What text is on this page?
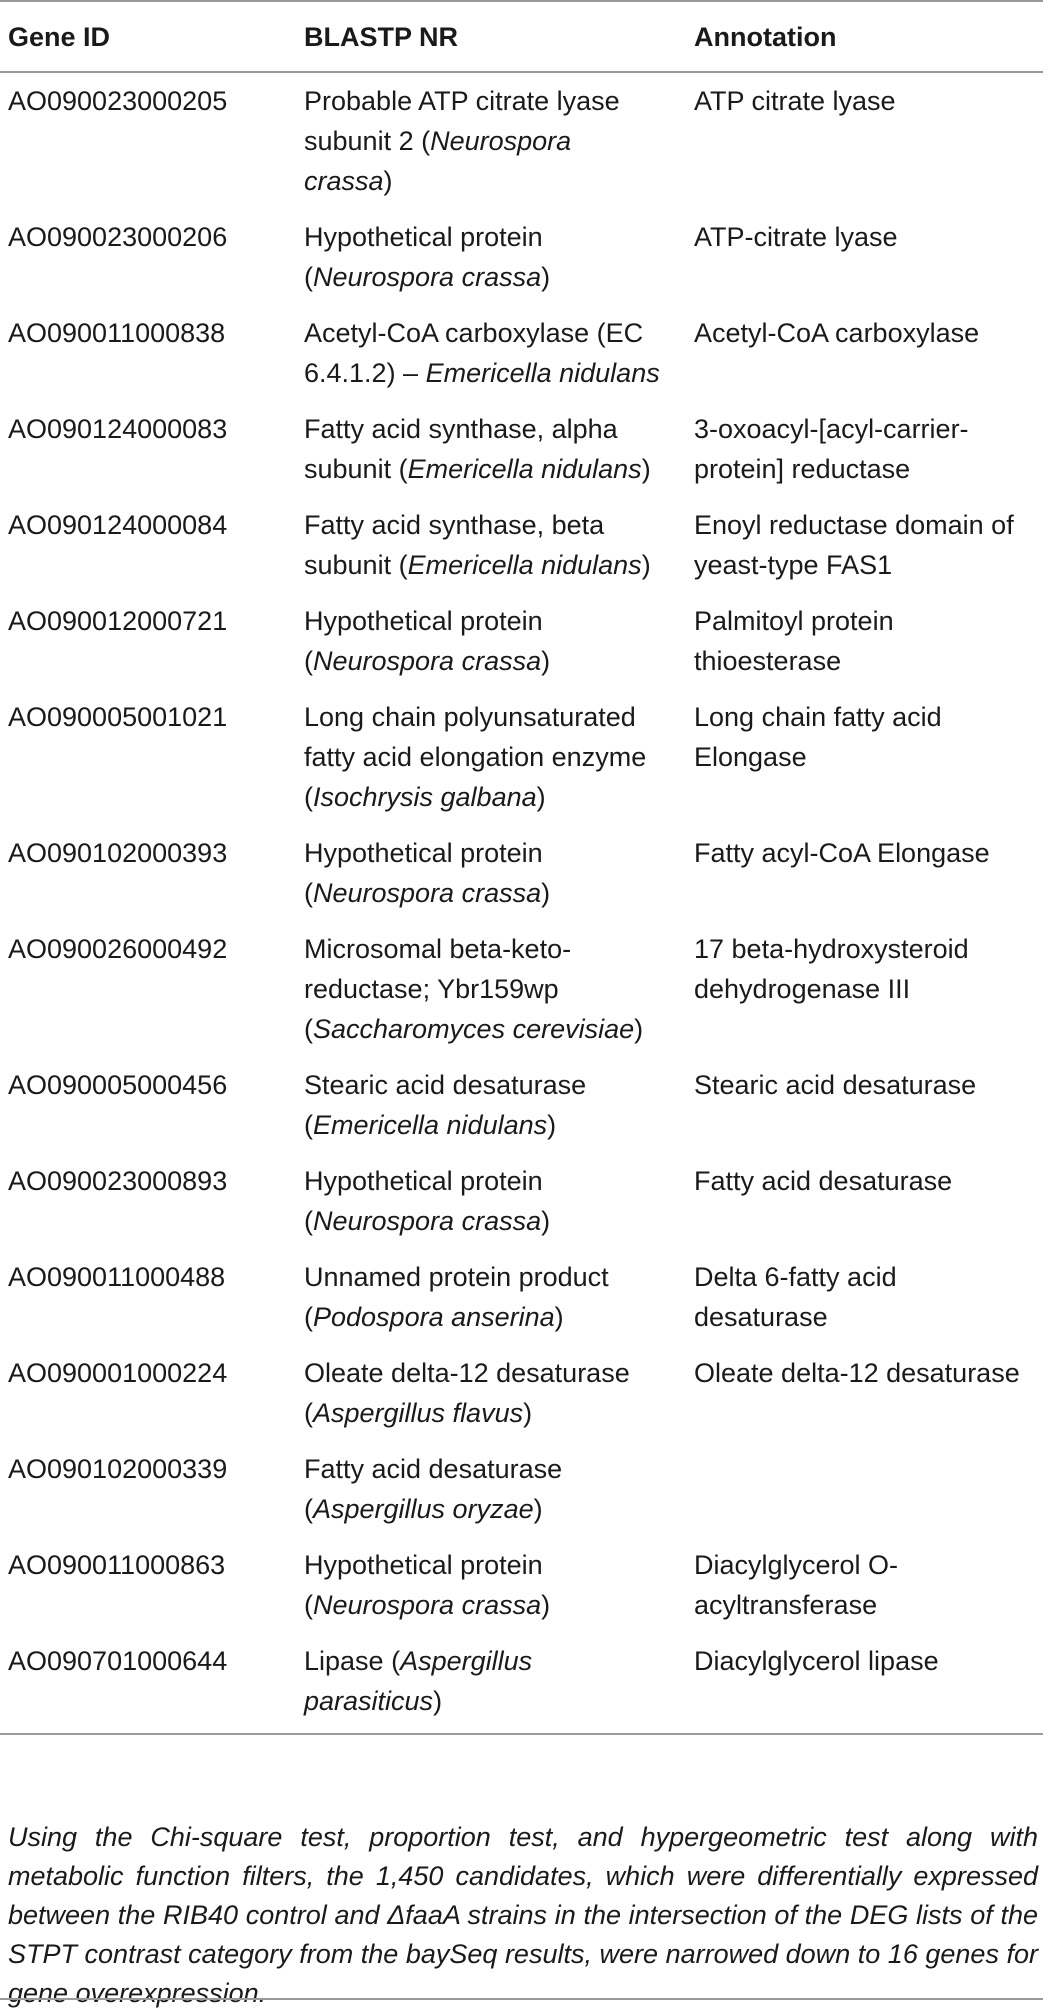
Gene ID	BLASTP NR	Annotation
AO090023000205	Probable ATP citrate lyase subunit 2 (Neurospora crassa)	ATP citrate lyase
AO090023000206	Hypothetical protein (Neurospora crassa)	ATP-citrate lyase
AO090011000838	Acetyl-CoA carboxylase (EC 6.4.1.2) – Emericella nidulans	Acetyl-CoA carboxylase
AO090124000083	Fatty acid synthase, alpha subunit (Emericella nidulans)	3-oxoacyl-[acyl-carrier-protein] reductase
AO090124000084	Fatty acid synthase, beta subunit (Emericella nidulans)	Enoyl reductase domain of yeast-type FAS1
AO090012000721	Hypothetical protein (Neurospora crassa)	Palmitoyl protein thioesterase
AO090005001021	Long chain polyunsaturated fatty acid elongation enzyme (Isochrysis galbana)	Long chain fatty acid Elongase
AO090102000393	Hypothetical protein (Neurospora crassa)	Fatty acyl-CoA Elongase
AO090026000492	Microsomal beta-keto-reductase; Ybr159wp (Saccharomyces cerevisiae)	17 beta-hydroxysteroid dehydrogenase III
AO090005000456	Stearic acid desaturase (Emericella nidulans)	Stearic acid desaturase
AO090023000893	Hypothetical protein (Neurospora crassa)	Fatty acid desaturase
AO090011000488	Unnamed protein product (Podospora anserina)	Delta 6-fatty acid desaturase
AO090001000224	Oleate delta-12 desaturase (Aspergillus flavus)	Oleate delta-12 desaturase
AO090102000339	Fatty acid desaturase (Aspergillus oryzae)	
AO090011000863	Hypothetical protein (Neurospora crassa)	Diacylglycerol O-acyltransferase
AO090701000644	Lipase (Aspergillus parasiticus)	Diacylglycerol lipase
Using the Chi-square test, proportion test, and hypergeometric test along with metabolic function filters, the 1,450 candidates, which were differentially expressed between the RIB40 control and ΔfaaA strains in the intersection of the DEG lists of the STPT contrast category from the baySeq results, were narrowed down to 16 genes for gene overexpression.
